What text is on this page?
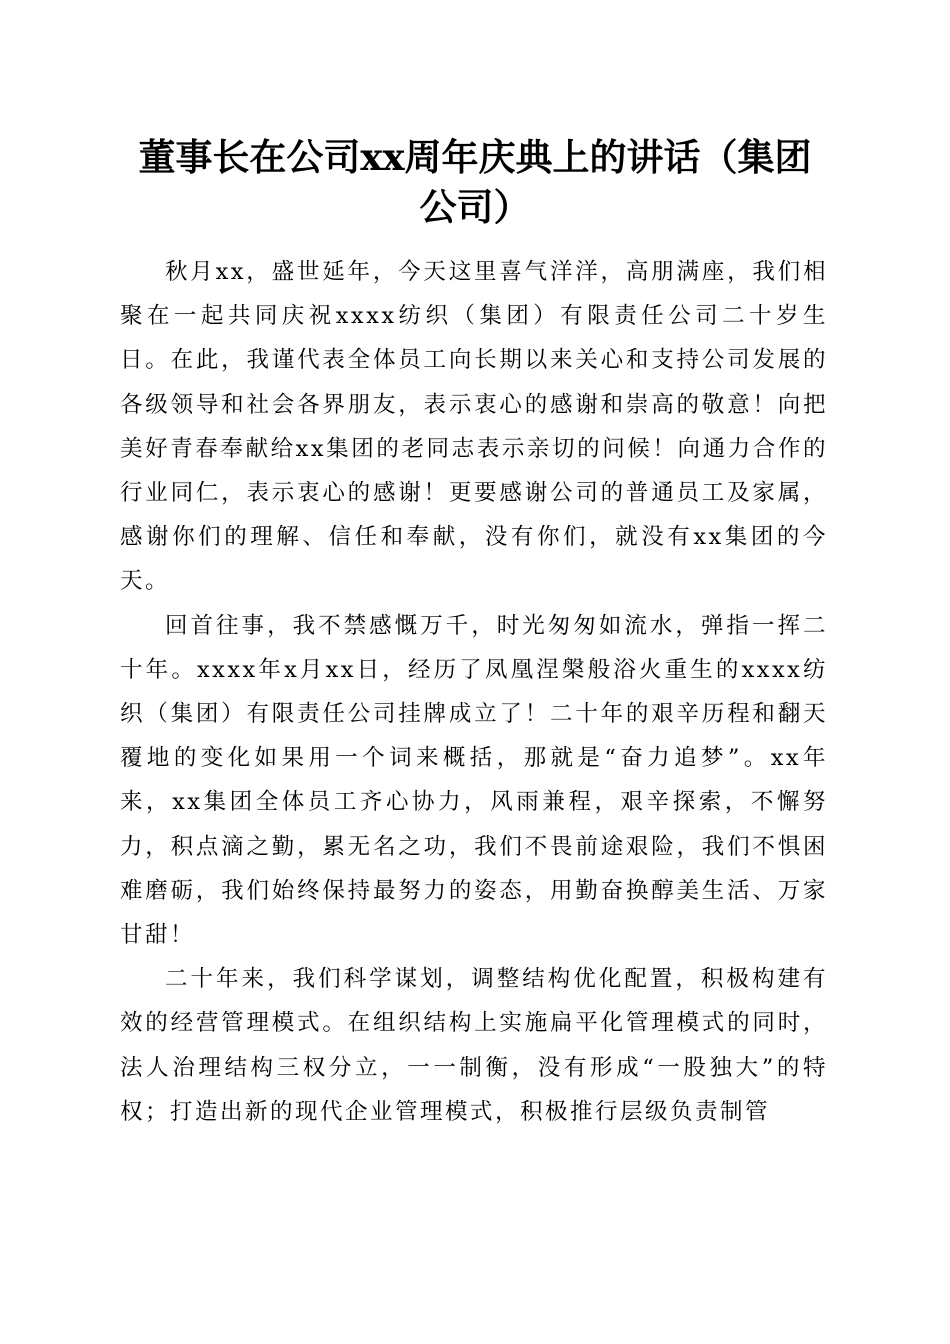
董事长在公司xx周年庆典上的讲话（集团公司）

秋月xx，盛世延年，今天这里喜气洋洋，高朋满座，我们相聚在一起共同庆祝xxxx纺织（集团）有限责任公司二十岁生日。在此，我谨代表全体员工向长期以来关心和支持公司发展的各级领导和社会各界朋友，表示衷心的感谢和崇高的敬意！向把美好青春奉献给xx集团的老同志表示亲切的问候！向通力合作的行业同仁，表示衷心的感谢！更要感谢公司的普通员工及家属，感谢你们的理解、信任和奉献，没有你们，就没有xx集团的今天。

回首往事，我不禁感慨万千，时光匆匆如流水，弹指一挥二十年。xxxx年x月xx日，经历了凤凰涅槃般浴火重生的xxxx纺织（集团）有限责任公司挂牌成立了！二十年的艰辛历程和翻天覆地的变化如果用一个词来概括，那就是“奋力追梦”。xx年来，xx集团全体员工齐心协力，风雨兼程，艰辛探索，不懈努力，积点滴之勤，累无名之功，我们不畏前途艰险，我们不惧困难磨砺，我们始终保持最努力的姿态，用勤奋换醇美生活、万家甘甜！

二十年来，我们科学谋划，调整结构优化配置，积极构建有效的经营管理模式。在组织结构上实施扁平化管理模式的同时，法人治理结构三权分立，一一制衡，没有形成“一股独大”的特权；打造出新的现代企业管理模式，积极推行层级负责制管
